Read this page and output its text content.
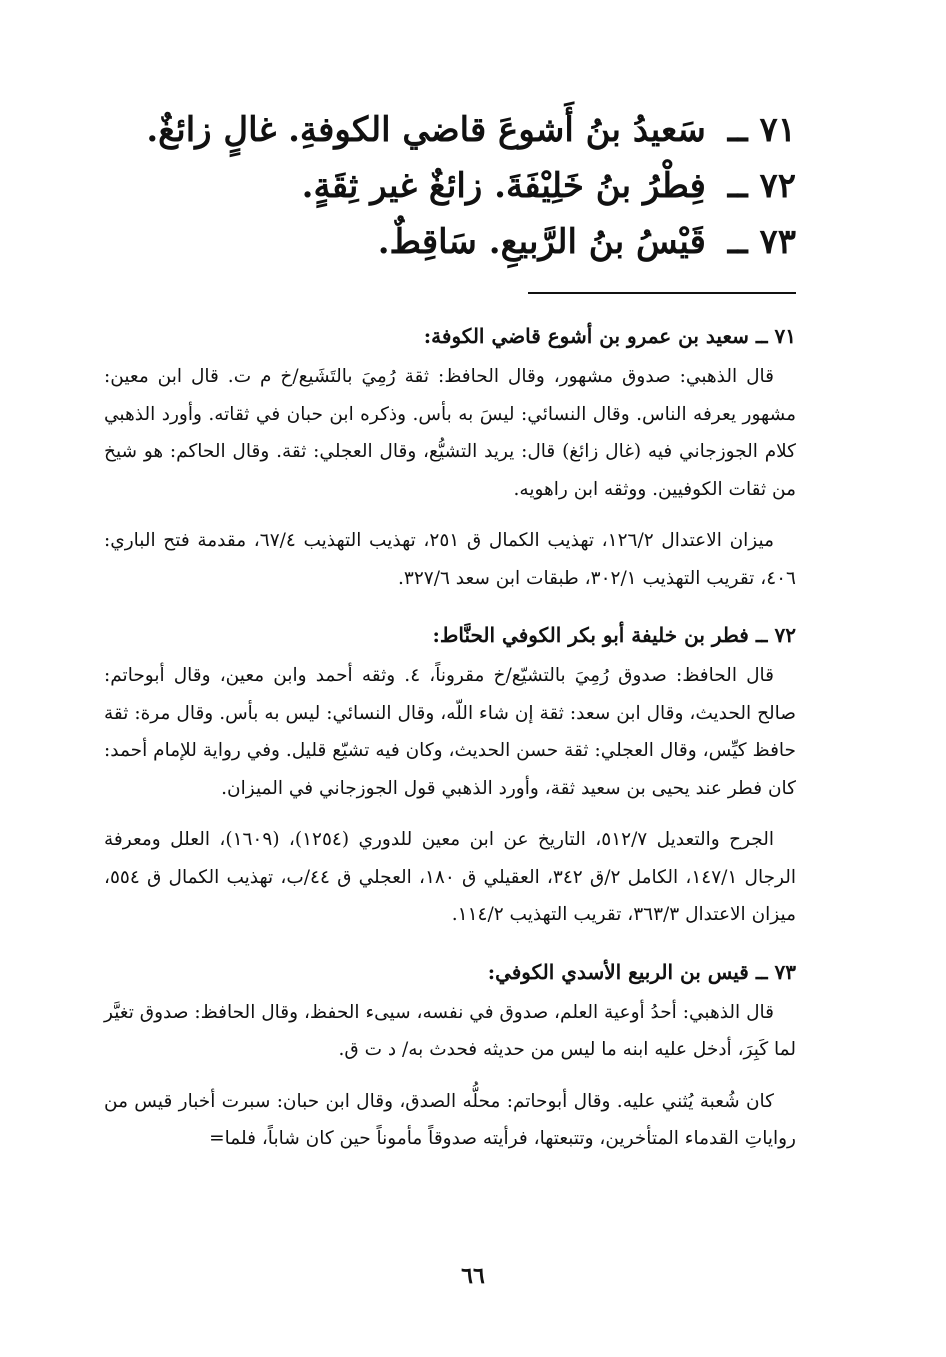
٧١ ــ سَعيدُ بنُ أَشوعَ قاضي الكوفةِ. غالٍ زائغٌ.
٧٢ ــ فِطْرُ بنُ خَلِيْفَةَ. زائغٌ غير ثِقَةٍ.
٧٣ ــ قَيْسُ بنُ الرَّبيعِ. سَاقِطٌ.

٧١ ــ سعيد بن عمرو بن أشوع قاضي الكوفة:

قال الذهبي: صدوق مشهور، وقال الحافظ: ثقة رُمِيَ بالتَشَيع/خ م ت. قال ابن معين: مشهور يعرفه الناس. وقال النسائي: ليسَ به بأس. وذكره ابن حبان في ثقاته. وأورد الذهبي كلام الجوزجاني فيه (غال زائغ) قال: يريد التشيُّع، وقال العجلي: ثقة. وقال الحاكم: هو شيخ من ثقات الكوفيين. ووثقه ابن راهويه.

ميزان الاعتدال ١٢٦/٢، تهذيب الكمال ق ٢٥١، تهذيب التهذيب ٦٧/٤، مقدمة فتح الباري: ٤٠٦، تقريب التهذيب ٣٠٢/١، طبقات ابن سعد ٣٢٧/٦.

٧٢ ــ فطر بن خليفة أبو بكر الكوفي الحنَّاط:

قال الحافظ: صدوق رُمِيَ بالتشيّع/خ مقروناً، ٤. وثقه أحمد وابن معين، وقال أبوحاتم: صالح الحديث، وقال ابن سعد: ثقة إن شاء اللّه، وقال النسائي: ليس به بأس. وقال مرة: ثقة حافظ كيِّس، وقال العجلي: ثقة حسن الحديث، وكان فيه تشيّع قليل. وفي رواية للإمام أحمد: كان فطر عند يحيى بن سعيد ثقة، وأورد الذهبي قول الجوزجاني في الميزان.

الجرح والتعديل ٥١٢/٧، التاريخ عن ابن معين للدوري (١٢٥٤)، (١٦٠٩)، العلل ومعرفة الرجال ١٤٧/١، الكامل ٢/ق ٣٤٢، العقيلي ق ١٨٠، العجلي ق ٤٤/ب، تهذيب الكمال ق ٥٥٤، ميزان الاعتدال ٣٦٣/٣، تقريب التهذيب ١١٤/٢.

٧٣ ــ قيس بن الربيع الأسدي الكوفي:

قال الذهبي: أحدُ أوعية العلم، صدوق في نفسه، سيىء الحفظ، وقال الحافظ: صدوق تغيَّر لما كَبِرَ، أدخل عليه ابنه ما ليس من حديثه فحدث به/ د ت ق.

كان شُعبة يُثني عليه. وقال أبوحاتم: محلُّه الصدق، وقال ابن حبان: سبرت أخبار قيس من رواياتِ القدماء المتأخرين، وتتبعتها، فرأيته صدوقاً مأموناً حين كان شاباً، فلما=

٦٦
